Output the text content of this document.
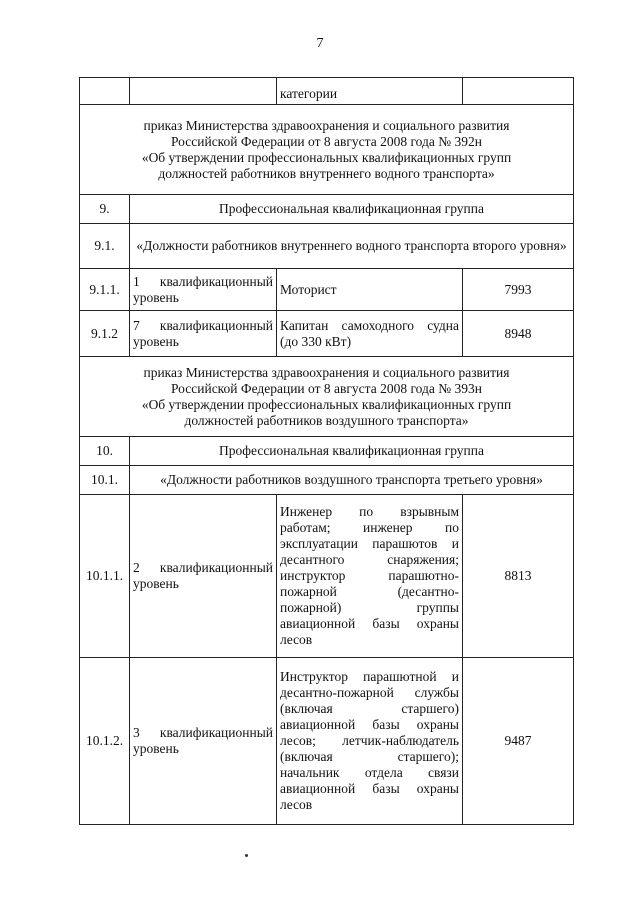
7
		категории	

приказ Министерства здравоохранения и социального развития
Российской Федерации от 8 августа 2008 года № 392н
«Об утверждении профессиональных квалификационных групп
должностей работников внутреннего водного транспорта»			

9.	Профессиональная квалификационная группа		
9.1.	«Должности работников внутреннего водного транспорта второго уровня»		
9.1.1.	1 квалификационный уровень	Моторист	7993
9.1.2	7 квалификационный уровень	Капитан самоходного судна (до 330 кВт)	8948

приказ Министерства здравоохранения и социального развития
Российской Федерации от 8 августа 2008 года № 393н
«Об утверждении профессиональных квалификационных групп
должностей работников воздушного транспорта»			

10.	Профессиональная квалификационная группа		
10.1.	«Должности работников воздушного транспорта третьего уровня»		
10.1.1.	2 квалификационный уровень	Инженер по взрывным работам; инженер по эксплуатации парашютов и десантного снаряжения; инструктор парашютно-пожарной (десантно-пожарной) группы авиационной базы охраны лесов	8813
10.1.2.	3 квалификационный уровень	Инструктор парашютной и десантно-пожарной службы (включая старшего) авиационной базы охраны лесов; летчик-наблюдатель (включая старшего); начальник отдела связи авиационной базы охраны лесов	9487
